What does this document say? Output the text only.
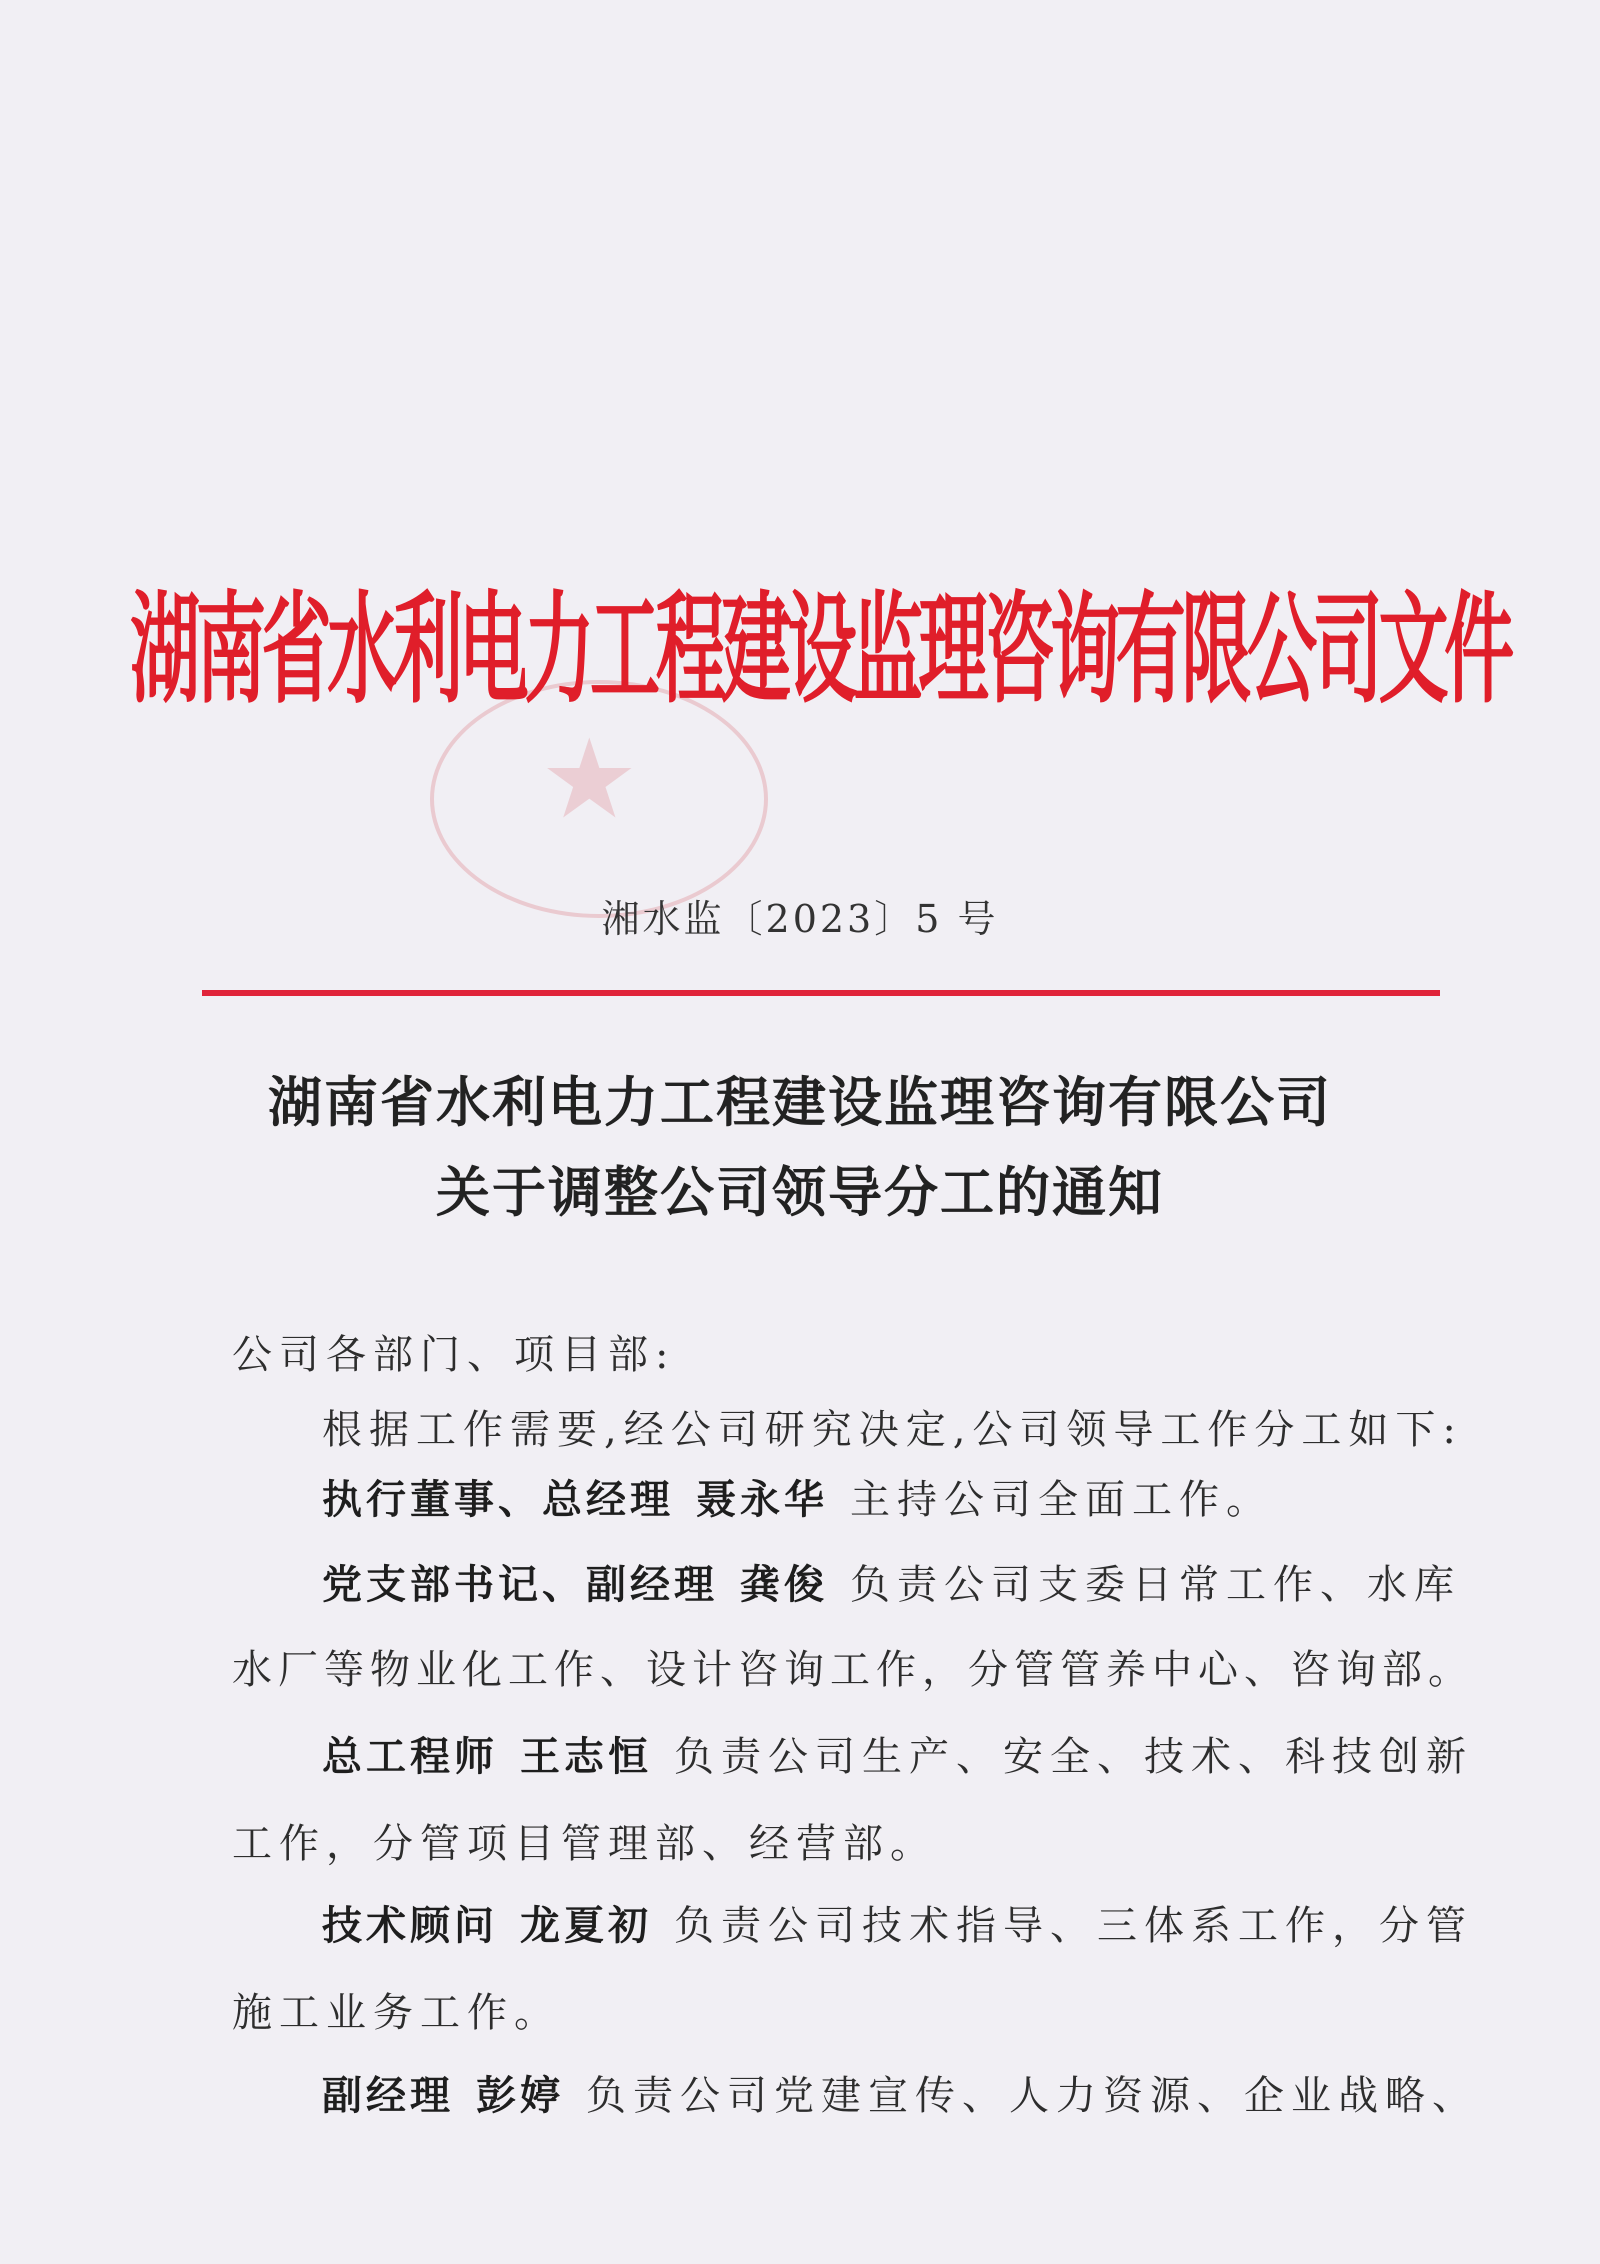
★
湖南省水利电力工程建设监理咨询有限公司文件
湘水监〔2023〕5 号
湖南省水利电力工程建设监理咨询有限公司
关于调整公司领导分工的通知
公司各部门、项目部:
根据工作需要,经公司研究决定,公司领导工作分工如下:
执行董事、总经理 聂永华 主持公司全面工作。
党支部书记、副经理 龚俊 负责公司支委日常工作、水库
水厂等物业化工作、设计咨询工作，分管管养中心、咨询部。
总工程师 王志恒 负责公司生产、安全、技术、科技创新
工作，分管项目管理部、经营部。
技术顾问 龙夏初 负责公司技术指导、三体系工作，分管
施工业务工作。
副经理 彭婷 负责公司党建宣传、人力资源、企业战略、
